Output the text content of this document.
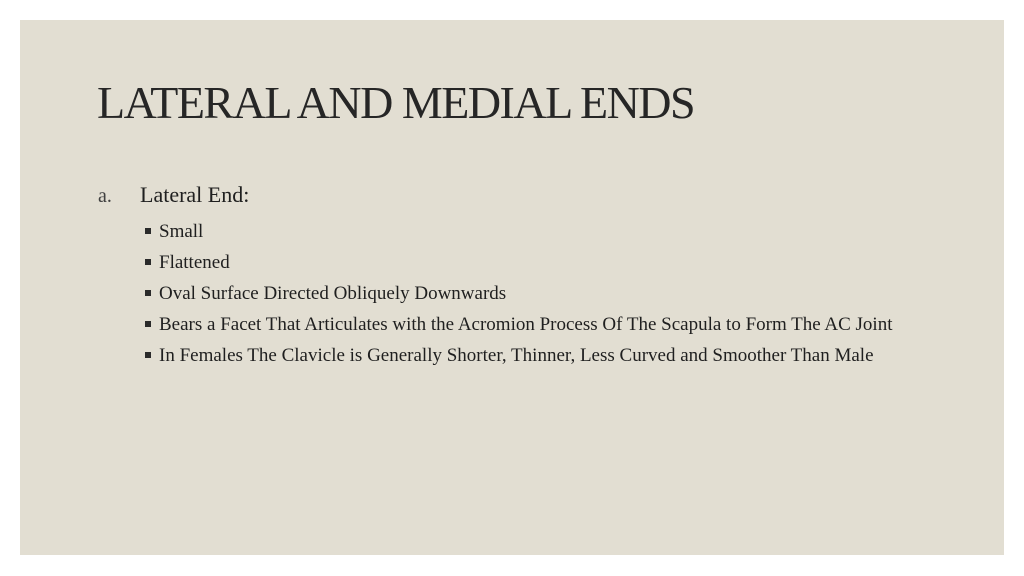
LATERAL AND MEDIAL ENDS
a. Lateral End:
Small
Flattened
Oval Surface Directed Obliquely Downwards
Bears a Facet That Articulates with the Acromion Process Of The Scapula to Form The AC Joint
In Females The Clavicle is Generally Shorter, Thinner, Less Curved and Smoother Than Male
